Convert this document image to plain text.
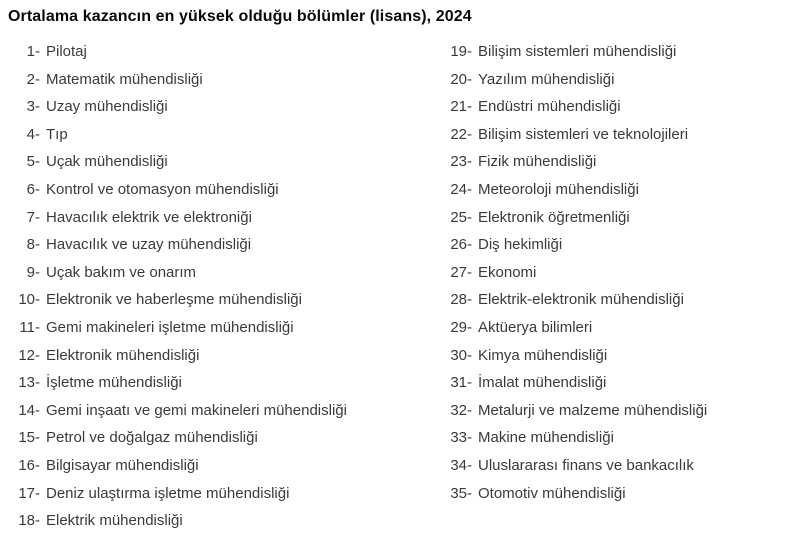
Ortalama kazancın en yüksek olduğu bölümler (lisans), 2024
1- Pilotaj
2- Matematik mühendisliği
3- Uzay mühendisliği
4- Tıp
5- Uçak mühendisliği
6- Kontrol ve otomasyon mühendisliği
7- Havacılık elektrik ve elektroniği
8- Havacılık ve uzay mühendisliği
9- Uçak bakım ve onarım
10- Elektronik ve haberleşme mühendisliği
11- Gemi makineleri işletme mühendisliği
12- Elektronik mühendisliği
13- İşletme mühendisliği
14- Gemi inşaatı ve gemi makineleri mühendisliği
15- Petrol ve doğalgaz mühendisliği
16- Bilgisayar mühendisliği
17- Deniz ulaştırma işletme mühendisliği
18- Elektrik mühendisliği
19- Bilişim sistemleri mühendisliği
20- Yazılım mühendisliği
21- Endüstri mühendisliği
22- Bilişim sistemleri ve teknolojileri
23- Fizik mühendisliği
24- Meteoroloji mühendisliği
25- Elektronik öğretmenliği
26- Diş hekimliği
27- Ekonomi
28- Elektrik-elektronik mühendisliği
29- Aktüerya bilimleri
30- Kimya mühendisliği
31- İmalat mühendisliği
32- Metalurji ve malzeme mühendisliği
33- Makine mühendisliği
34- Uluslararası finans ve bankacılık
35- Otomotiv mühendisliği
